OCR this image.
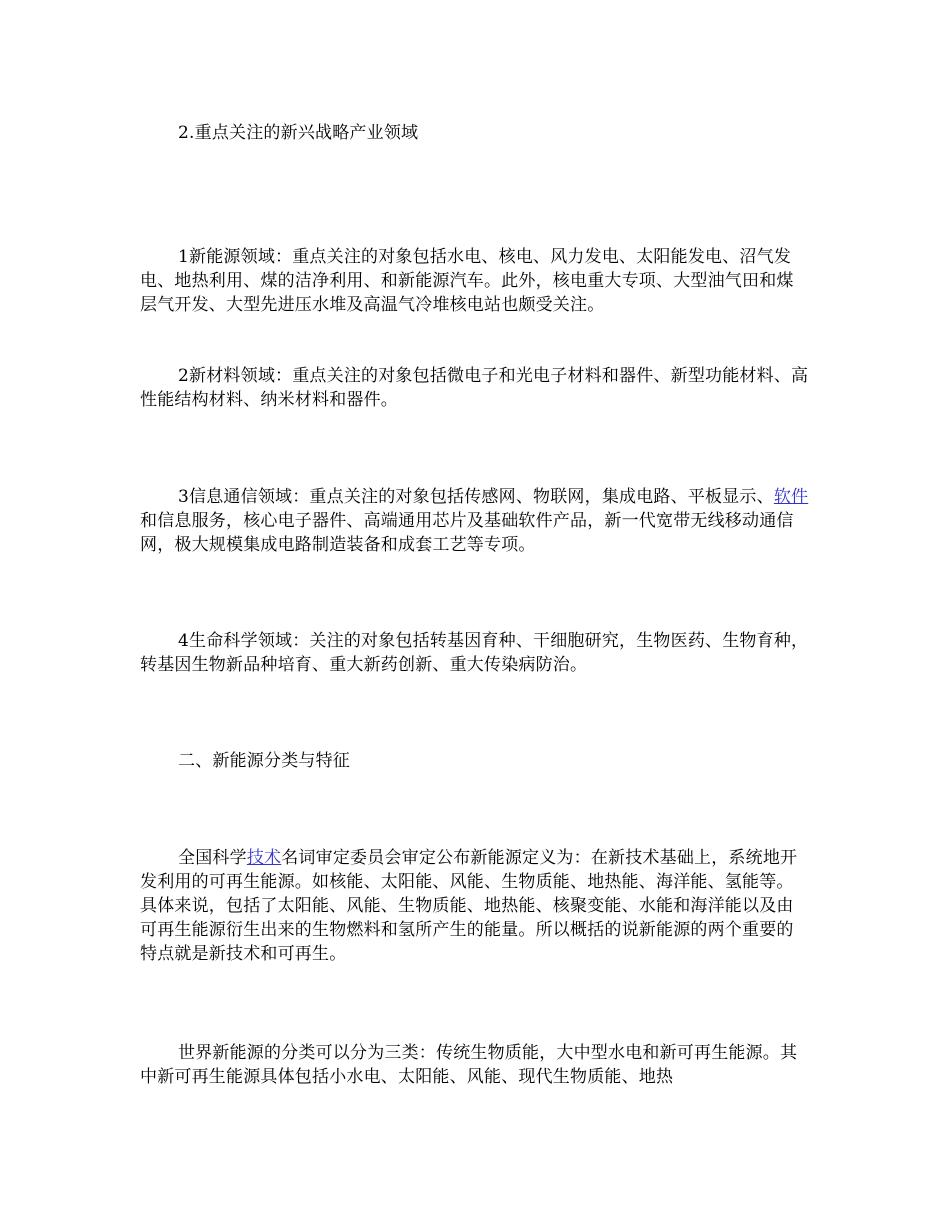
2.重点关注的新兴战略产业领域

1新能源领域：重点关注的对象包括水电、核电、风力发电、太阳能发电、沼气发电、地热利用、煤的洁净利用、和新能源汽车。此外，核电重大专项、大型油气田和煤层气开发、大型先进压水堆及高温气冷堆核电站也颇受关注。

2新材料领域：重点关注的对象包括微电子和光电子材料和器件、新型功能材料、高性能结构材料、纳米材料和器件。

3信息通信领域：重点关注的对象包括传感网、物联网，集成电路、平板显示、软件和信息服务，核心电子器件、高端通用芯片及基础软件产品，新一代宽带无线移动通信网，极大规模集成电路制造装备和成套工艺等专项。

4生命科学领域：关注的对象包括转基因育种、干细胞研究，生物医药、生物育种，转基因生物新品种培育、重大新药创新、重大传染病防治。

二、新能源分类与特征

全国科学技术名词审定委员会审定公布新能源定义为：在新技术基础上，系统地开发利用的可再生能源。如核能、太阳能、风能、生物质能、地热能、海洋能、氢能等。具体来说，包括了太阳能、风能、生物质能、地热能、核聚变能、水能和海洋能以及由可再生能源衍生出来的生物燃料和氢所产生的能量。所以概括的说新能源的两个重要的特点就是新技术和可再生。

世界新能源的分类可以分为三类：传统生物质能，大中型水电和新可再生能源。其中新可再生能源具体包括小水电、太阳能、风能、现代生物质能、地热
